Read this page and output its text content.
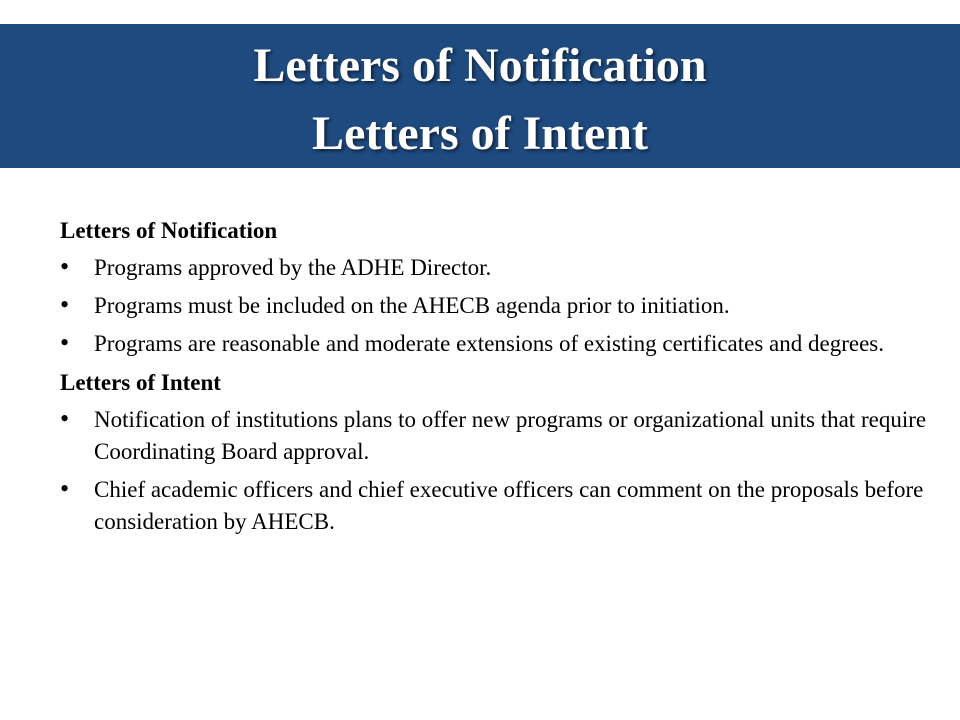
Letters of Notification
Letters of Intent

Letters of Notification

• Programs approved by the ADHE Director.
• Programs must be included on the AHECB agenda prior to initiation.
• Programs are reasonable and moderate extensions of existing certificates and degrees.

Letters of Intent

• Notification of institutions plans to offer new programs or organizational units that require Coordinating Board approval.
• Chief academic officers and chief executive officers can comment on the proposals before consideration by AHECB.
